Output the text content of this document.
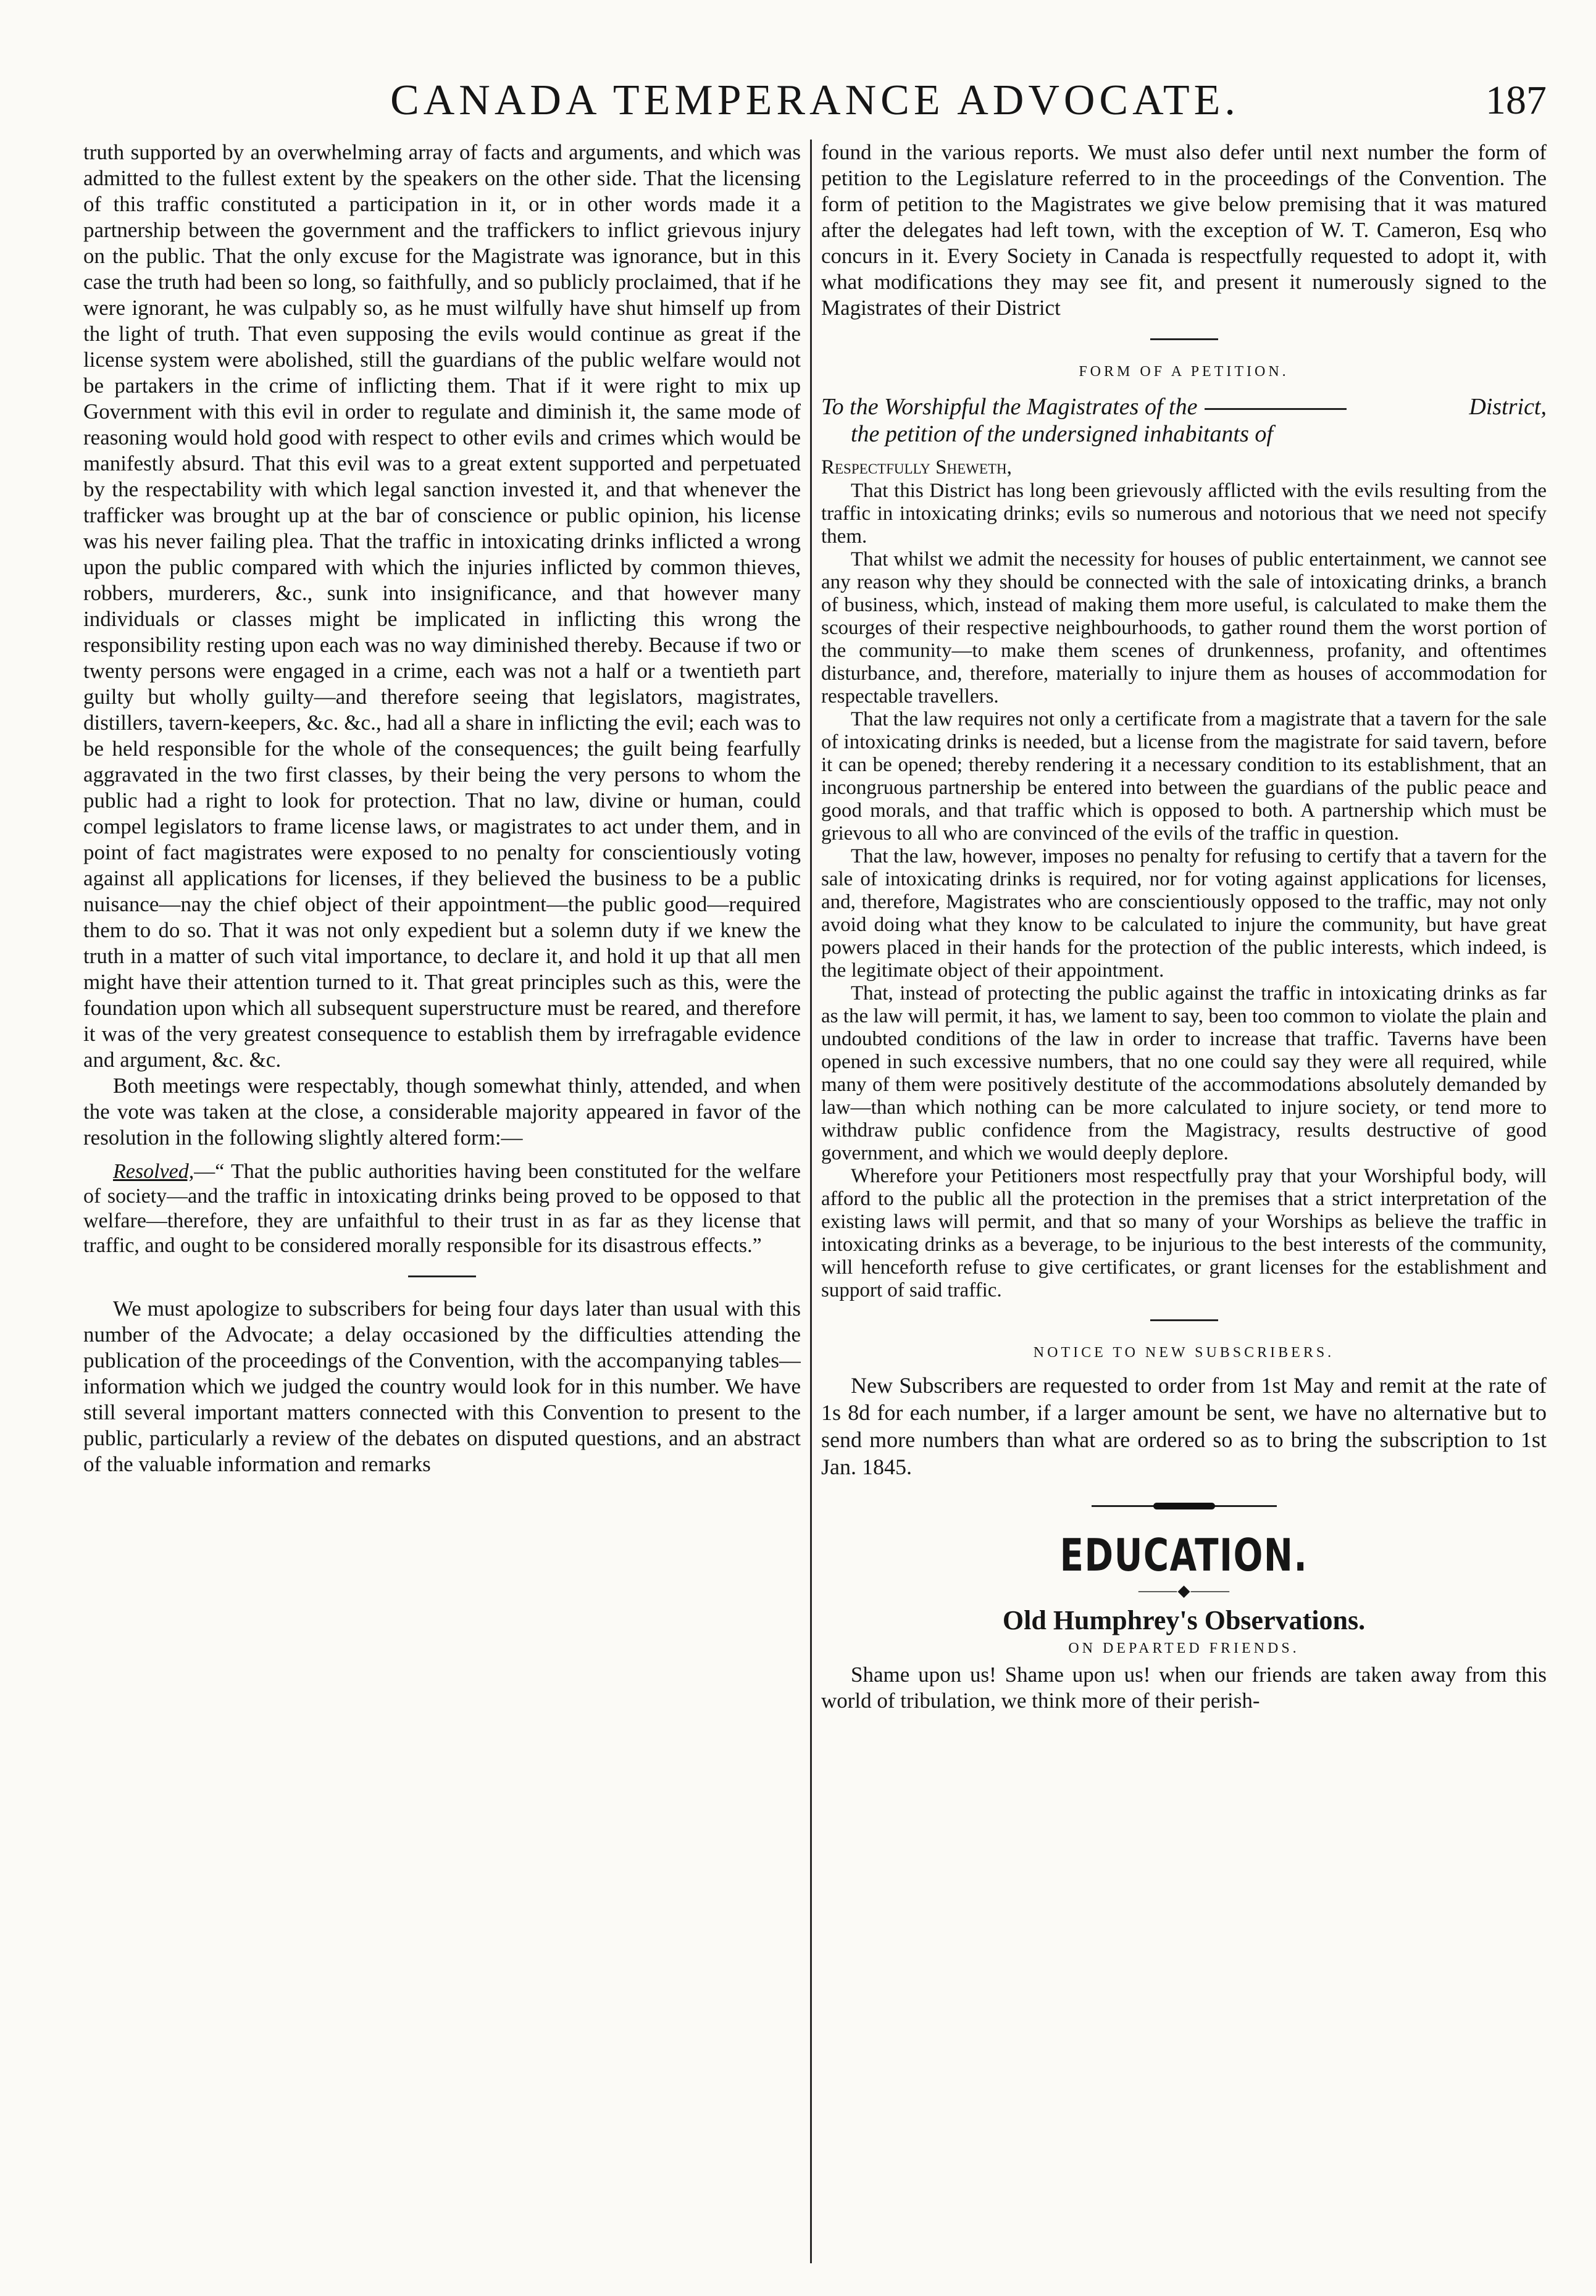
CANADA TEMPERANCE ADVOCATE.	187

truth supported by an overwhelming array of facts and arguments, and which was admitted to the fullest extent by the speakers on the other side. That the licensing of this traffic constituted a participation in it, or in other words made it a partnership between the government and the traffickers to inflict grievous injury on the public. That the only excuse for the Magistrate was ignorance, but in this case the truth had been so long, so faithfully, and so publicly proclaimed, that if he were ignorant, he was culpably so, as he must wilfully have shut himself up from the light of truth. That even supposing the evils would continue as great if the license system were abolished, still the guardians of the public welfare would not be partakers in the crime of inflicting them. That if it were right to mix up Government with this evil in order to regulate and diminish it, the same mode of reasoning would hold good with respect to other evils and crimes which would be manifestly absurd. That this evil was to a great extent supported and perpetuated by the respectability with which legal sanction invested it, and that whenever the trafficker was brought up at the bar of conscience or public opinion, his license was his never failing plea. That the traffic in intoxicating drinks inflicted a wrong upon the public compared with which the injuries inflicted by common thieves, robbers, murderers, &c., sunk into insignificance, and that however many individuals or classes might be implicated in inflicting this wrong the responsibility resting upon each was no way diminished thereby. Because if two or twenty persons were engaged in a crime, each was not a half or a twentieth part guilty but wholly guilty—and therefore seeing that legislators, magistrates, distillers, tavern-keepers, &c. &c., had all a share in inflicting the evil; each was to be held responsible for the whole of the consequences; the guilt being fearfully aggravated in the two first classes, by their being the very persons to whom the public had a right to look for protection. That no law, divine or human, could compel legislators to frame license laws, or magistrates to act under them, and in point of fact magistrates were exposed to no penalty for conscientiously voting against all applications for licenses, if they believed the business to be a public nuisance—nay the chief object of their appointment—the public good—required them to do so. That it was not only expedient but a solemn duty if we knew the truth in a matter of such vital importance, to declare it, and hold it up that all men might have their attention turned to it. That great principles such as this, were the foundation upon which all subsequent superstructure must be reared, and therefore it was of the very greatest consequence to establish them by irrefragable evidence and argument, &c. &c.

Both meetings were respectably, though somewhat thinly, attended, and when the vote was taken at the close, a considerable majority appeared in favor of the resolution in the following slightly altered form:—

Resolved,—“ That the public authorities having been constituted for the welfare of society—and the traffic in intoxicating drinks being proved to be opposed to that welfare—therefore, they are unfaithful to their trust in as far as they license that traffic, and ought to be considered morally responsible for its disastrous effects.”

We must apologize to subscribers for being four days later than usual with this number of the Advocate; a delay occasioned by the difficulties attending the publication of the proceedings of the Convention, with the accompanying tables—information which we judged the country would look for in this number. We have still several important matters connected with this Convention to present to the public, particularly a review of the debates on disputed questions, and an abstract of the valuable information and remarks

found in the various reports. We must also defer until next number the form of petition to the Legislature referred to in the proceedings of the Convention. The form of petition to the Magistrates we give below premising that it was matured after the delegates had left town, with the exception of W. T. Cameron, Esq who concurs in it. Every Society in Canada is respectfully requested to adopt it, with what modifications they may see fit, and present it numerously signed to the Magistrates of their District

FORM OF A PETITION.

To the Worshipful the Magistrates of the	District,
the petition of the undersigned inhabitants of

Respectfully Sheweth,

That this District has long been grievously afflicted with the evils resulting from the traffic in intoxicating drinks; evils so numerous and notorious that we need not specify them.

That whilst we admit the necessity for houses of public entertainment, we cannot see any reason why they should be connected with the sale of intoxicating drinks, a branch of business, which, instead of making them more useful, is calculated to make them the scourges of their respective neighbourhoods, to gather round them the worst portion of the community—to make them scenes of drunkenness, profanity, and oftentimes disturbance, and, therefore, materially to injure them as houses of accommodation for respectable travellers.

That the law requires not only a certificate from a magistrate that a tavern for the sale of intoxicating drinks is needed, but a license from the magistrate for said tavern, before it can be opened; thereby rendering it a necessary condition to its establishment, that an incongruous partnership be entered into between the guardians of the public peace and good morals, and that traffic which is opposed to both. A partnership which must be grievous to all who are convinced of the evils of the traffic in question.

That the law, however, imposes no penalty for refusing to certify that a tavern for the sale of intoxicating drinks is required, nor for voting against applications for licenses, and, therefore, Magistrates who are conscientiously opposed to the traffic, may not only avoid doing what they know to be calculated to injure the community, but have great powers placed in their hands for the protection of the public interests, which indeed, is the legitimate object of their appointment.

That, instead of protecting the public against the traffic in intoxicating drinks as far as the law will permit, it has, we lament to say, been too common to violate the plain and undoubted conditions of the law in order to increase that traffic. Taverns have been opened in such excessive numbers, that no one could say they were all required, while many of them were positively destitute of the accommodations absolutely demanded by law—than which nothing can be more calculated to injure society, or tend more to withdraw public confidence from the Magistracy, results destructive of good government, and which we would deeply deplore.

Wherefore your Petitioners most respectfully pray that your Worshipful body, will afford to the public all the protection in the premises that a strict interpretation of the existing laws will permit, and that so many of your Worships as believe the traffic in intoxicating drinks as a beverage, to be injurious to the best interests of the community, will henceforth refuse to give certificates, or grant licenses for the establishment and support of said traffic.

NOTICE TO NEW SUBSCRIBERS.

New Subscribers are requested to order from 1st May and remit at the rate of 1s 8d for each number, if a larger amount be sent, we have no alternative but to send more numbers than what are ordered so as to bring the subscription to 1st Jan. 1845.

EDUCATION.

⸻◆⸻

Old Humphrey's Observations.

ON DEPARTED FRIENDS.

Shame upon us! Shame upon us! when our friends are taken away from this world of tribulation, we think more of their perish-
